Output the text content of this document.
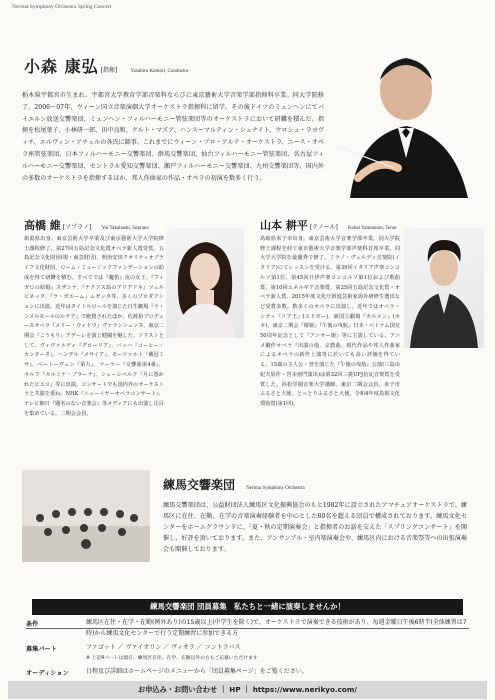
Nerima Symphony Orchestra Spring Concert
小森 康弘 [指揮]	Yasuhiro Komori, Conductor

栃木県宇都宮市生まれ。宇都宮大学教育学部音楽科ならびに東京藝術大学音楽学部指揮科卒業。同大学院修了。2006〜07年、ウィーン国立音楽演劇大学オーケストラ指揮科に留学。その後ドイツのミュンヘンにてバイエルン放送交響楽団、ミュンヘン・フィルハーモニー管弦楽団等のオーケストラにおいて研鑽を積んだ。指揮を松尾葉子、小林研一郎、田中良和、クルト・マズア、ハンスーマルティン・シュナイト、ウロシュ・ラヨヴィチ、エルヴィン・アチェルの各氏に師事。これまでにウィーン・プロ・アルテ・オーケストラ、ニース・オペラ座管弦楽団、日本フィルハーモニー交響楽団、群馬交響楽団、仙台フィルハーモニー管弦楽団、名古屋フィルハーモニー交響楽団、セントラル愛知交響楽団、瀬戸フィルハーモニー交響楽団、九州交響楽団等、国内外の多数のオーケストラを指揮するほか、邦人作曲家の作品・オペラの初演を数多く行う。

高橋 維 [ソプラノ] Yui Takahashi, Soprano

新潟県出身。東京芸術大学卒業及び東京藝術大学大学院修士課程修了。第27回五島記念文化賞オペラ新人賞受賞。五島記念文化財団(現・東急財団)、明治安田クオリティオブライフ文化財団、ローム・ミュージックファンデーションの助成を得て研鑽を積む。すべてでは『魔笛』夜の女王、『フィガロの結婚』スザンナ、『ナクソス島のアリアドネ』ツェルビネッタ、『ラ・ボエーム』ムゼッタ等、多くのプロダクションに出演。近年はタイトルロールを演じた日生劇場『ラ・ンメルモールのルチア』で絶賛されたほか、佐渡裕プロデュースオペラ『メリー・ウィドウ』ヴァランシェンヌ、東京二期会『こうもり』アデーレを演じ健闘を魅した。ソリストとして、ヴィヴァルディ『グローリア』、バッハ『コーヒー・カンタータ』、ヘンデル『メサイア』、モーツァルト『戴冠ミサ』、ベートーヴェン『第九』、マーラー『交響曲第4番』、オルフ『カルミナ・ブラーナ』、シェーンベルク『月に憑かれたピエロ』等に出演。コンサートでも国内外のオーケストラと共演を重ね、NHK『ニューイヤーオペラコンサート』、テレビ朝日『題名のない音楽会』等メディアにも出演し注目を集めている。二期会会員。

山本 耕平 [テノール] Kohei Yamamoto, Tenor

鳥取県米子市出身。東京芸術大学音楽学部卒業。同大学院修士課程を経て東京藝術大学音楽学部声楽科首席卒業。同大学大学院を最優秀で修了。ミラノ・ヴェルディ音楽院(イタリア)にてレッスンを受ける。第39回イタリア声楽コンコルソ第1位、第45回日伊声楽コンコルソ第1位および歌曲賞、第10回エネルギア音楽賞、第25回五島記念文化賞・オペラ新人賞、2015年度文化庁新進芸術家海外研修生選出など受賞多数。数多くのオペラに出演し、近年ではオペラ・シティ『リア王』(エドガー)、新国立劇場『カルメン』(ホセ)、東京二期会『椿姫』『午後の曳航』日本・ベトナム国交50周年記念として『アニオー姫』等に主演している。アニメ劇作オペラ『出演の他、宗教曲、現代作品や邦人作曲家によるオペラの新作上演等に於いても高い評価を得ている。15歳の主人公・登を演じた『午後の曳航』公演(三島由紀夫原作・宮本亜門演出)は第32回三菱UFJ信託音楽賞を受賞した。浜松学園音楽大学講師、東京二期会会員。米子市ふるさと大使、とっとりふるさと大使。令和4年度鳥取文化奨励賞(第1回)。

練馬交響楽団 Nerima Symphony Orchestra

練馬交響楽団は、公益財団法人練馬区文化振興協会のもと1982年に設立されたアマチュアオーケストラで、練馬区に在住、在勤、在学の音楽演奏経験者を中心とした80名を超える団員で構成されております。練馬文化センターをホームグラウンドに、「夏・秋の定期演奏会」と指揮者のお話を交えた「スプリングコンサート」を開催し、好評を頂いております。また、アンサンブル・室内楽演奏会や、練馬区内における音楽祭等への出張演奏会も開催しております。

練馬交響楽団 団員募集　私たちと一緒に演奏しませんか！
条件	練馬区在住・在学・在勤(例外あり)の15歳以上(中学生を除く)で、オーケストラで演奏できる技術があり、毎週金曜日午後6時半(全体練習は7時)から練馬文化センターで行う定期練習に参加できる方
募集パート	ファゴット ／ ヴァイオリン ／ ヴィオラ ／ コントラバス
※ 上記4パートは現在、練馬区在住、在学、在勤以外の方もご応募いただけます
オーディション	日程及び詳細はホームページのメニューから「団員募集ページ」をご覧ください。
お申込み・お問い合わせ ｜ HP ｜ https://www.nerikyo.com/
